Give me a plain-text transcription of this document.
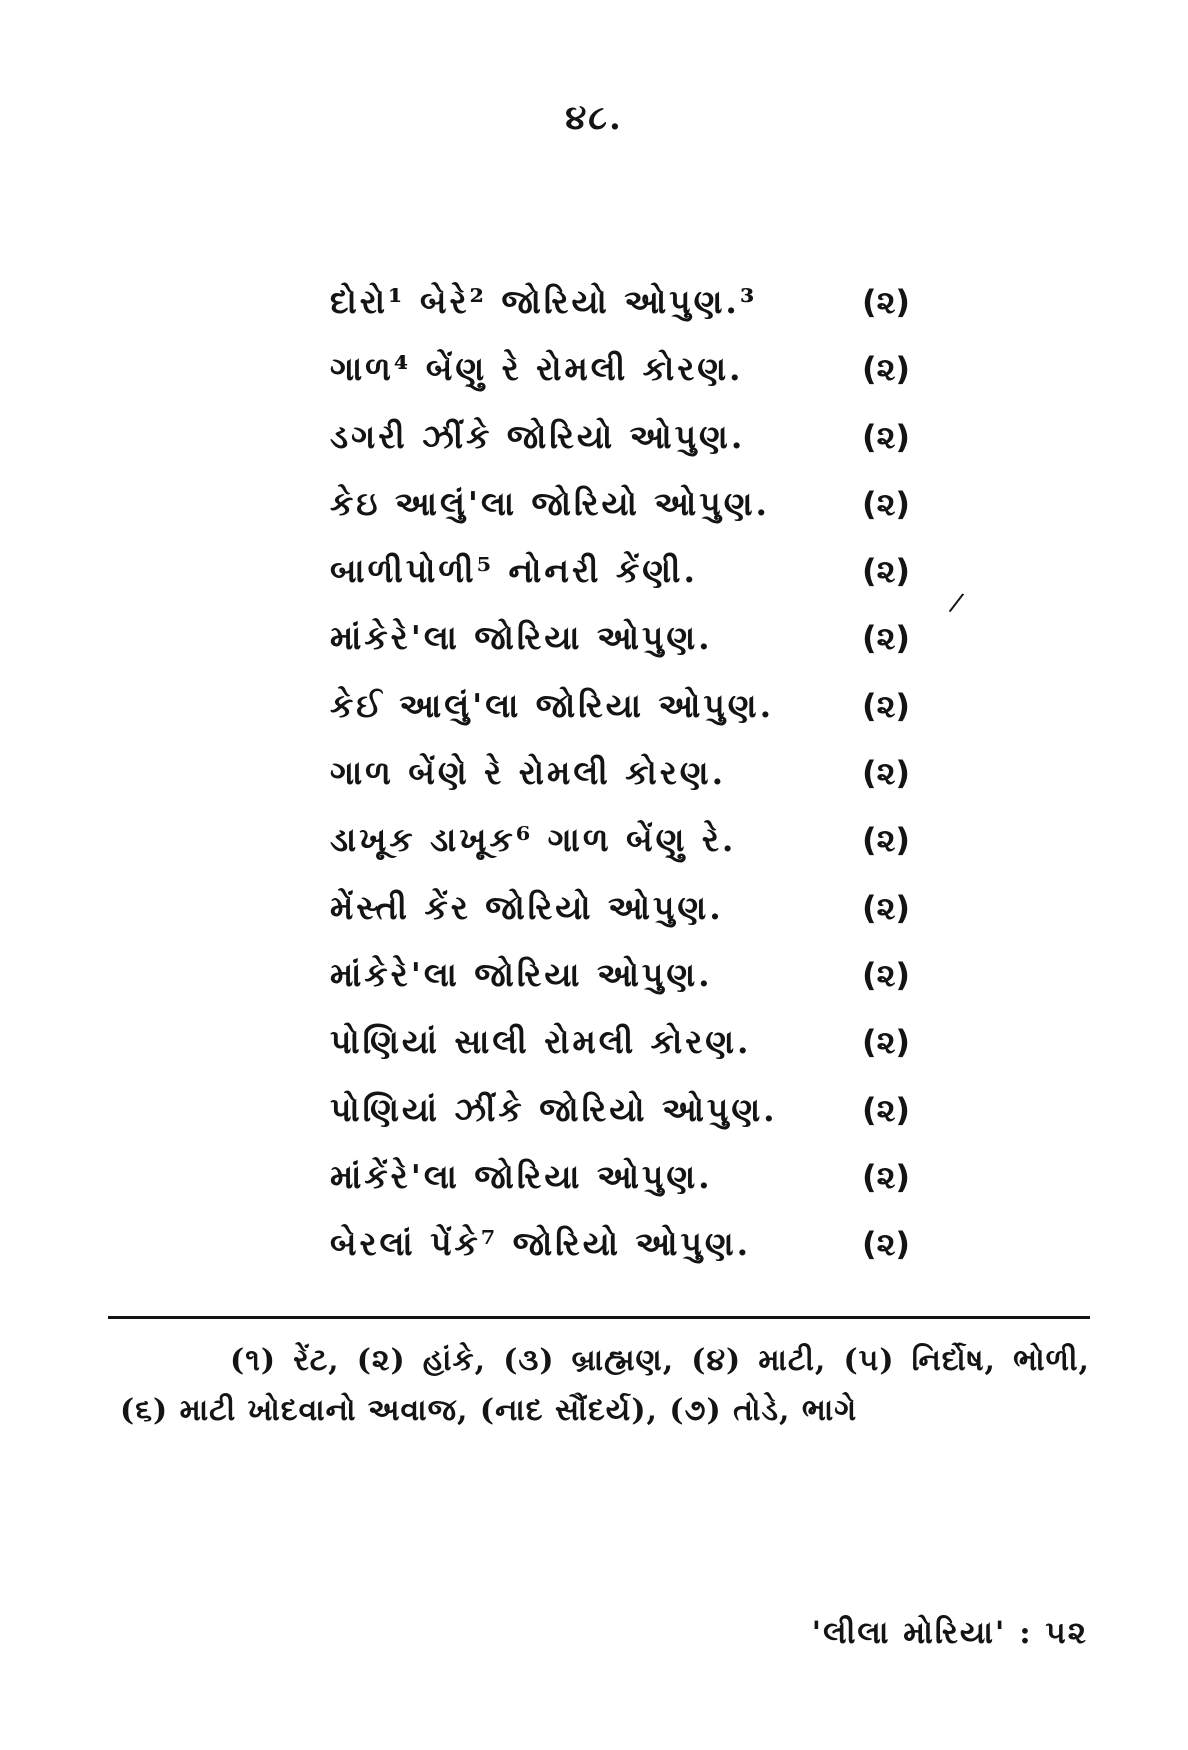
૪૮.
દોરો¹ બેરે² જોરિયો ઓપુણ.³	(૨)
ગાળ⁴ બેંણુ રે રોમલી કોરણ.	(૨)
ડગરી ઝીંકે જોરિયો ઓપુણ.	(૨)
કેઇ આલું'લા જોરિયો ઓપુણ.	(૨)
બાળીપોળી⁵ નોનરી કેંણી.	(૨)
માંકેરે'લા જોરિયા ઓપુણ.	(૨)
કેઈ આલું'લા જોરિયા ઓપુણ.	(૨)
ગાળ બેંણે રે રોમલી કોરણ.	(૨)
ડાખૂક ડાખૂક⁶ ગાળ બેંણુ રે.	(૨)
મેંસ્તી કેંર જોરિયો ઓપુણ.	(૨)
માંકેરે'લા જોરિયા ઓપુણ.	(૨)
પોણિયાં સાલી રોમલી કોરણ.	(૨)
પોણિયાં ઝીંકે જોરિયો ઓપુણ.	(૨)
માંકેંરે'લા જોરિયા ઓપુણ.	(૨)
બેરલાં પેંકે⁷ જોરિયો ઓપુણ.	(૨)
/
(૧) રેંટ, (૨) હાંકે, (૩) બ્રાહ્મણ, (૪) માટી, (૫) નિર્દોષ, ભોળી, (૬) માટી ખોદવાનો અવાજ, (નાદ સૌંદર્ય), (૭) તોડે, ભાગે
'લીલા મોરિયા' : ૫૨
